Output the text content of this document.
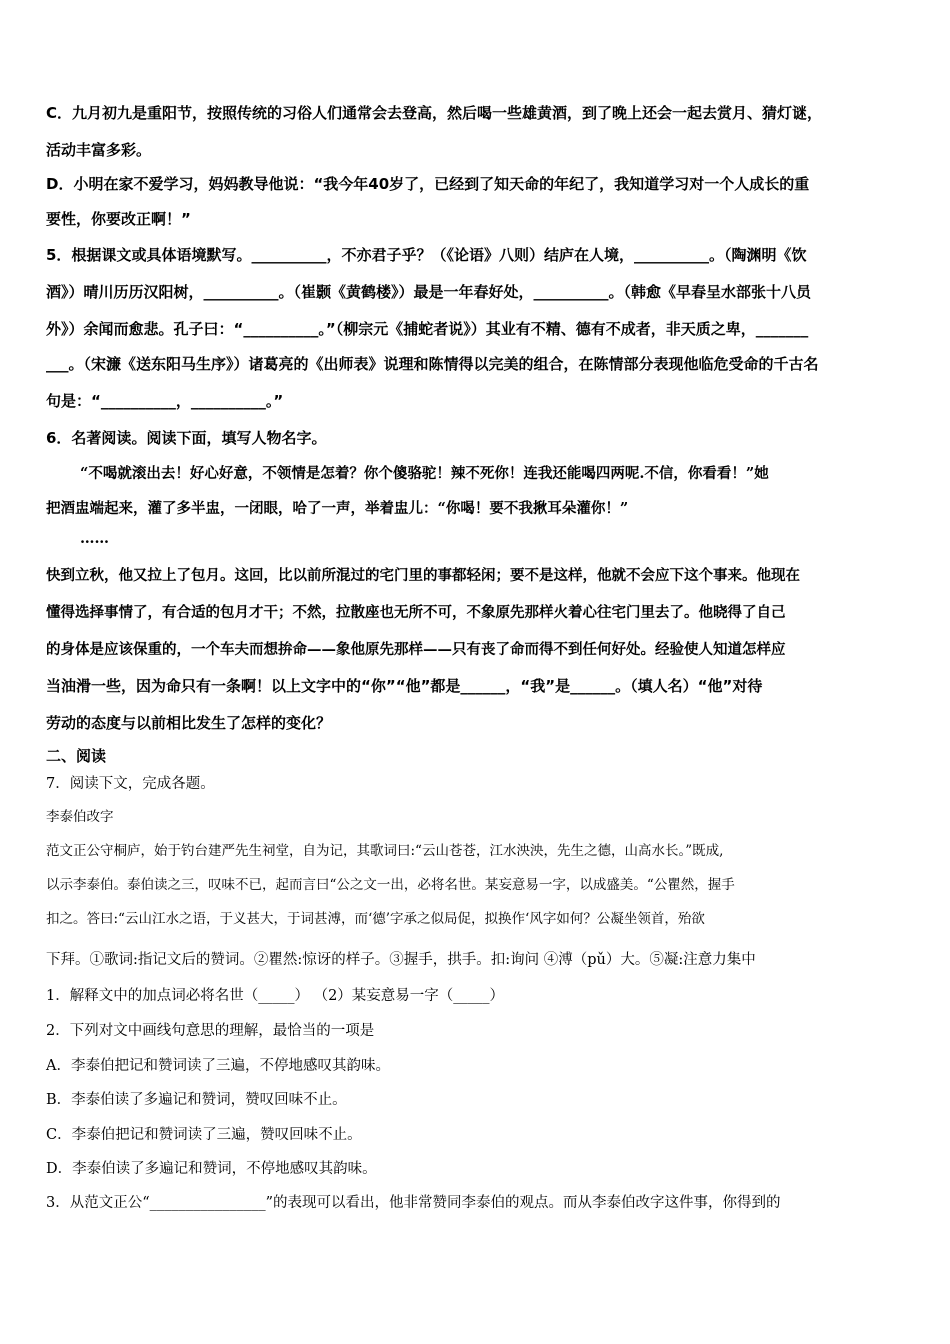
C．九月初九是重阳节，按照传统的习俗人们通常会去登高，然后喝一些雄黄酒，到了晚上还会一起去赏月、猜灯谜，
活动丰富多彩。
D．小明在家不爱学习，妈妈教导他说：“我今年40岁了，已经到了知天命的年纪了，我知道学习对一个人成长的重
要性，你要改正啊！”
5．根据课文或具体语境默写。__________，不亦君子乎？（《论语》八则）结庐在人境，__________。（陶渊明《饮
酒》）晴川历历汉阳树，__________。（崔颢《黄鹤楼》）最是一年春好处，__________。（韩愈《早春呈水部张十八员
外》）余闻而愈悲。孔子曰：“__________。”（柳宗元《捕蛇者说》）其业有不精、德有不成者，非天质之卑，_______
___。（宋濂《送东阳马生序》）诸葛亮的《出师表》说理和陈情得以完美的组合，在陈情部分表现他临危受命的千古名
句是：“__________，__________。”
6．名著阅读。阅读下面，填写人物名字。
“不喝就滚出去！好心好意，不领情是怎着？你个傻骆驼！辣不死你！连我还能喝四两呢.不信，你看看！”她
把酒盅端起来，灌了多半盅，一闭眼，哈了一声，举着盅儿：“你喝！要不我揪耳朵灌你！”
……
快到立秋，他又拉上了包月。这回，比以前所混过的宅门里的事都轻闲；要不是这样，他就不会应下这个事来。他现在
懂得选择事情了，有合适的包月才干；不然，拉散座也无所不可，不象原先那样火着心往宅门里去了。他晓得了自己
的身体是应该保重的，一个车夫而想拚命——象他原先那样——只有丧了命而得不到任何好处。经验使人知道怎样应
当油滑一些，因为命只有一条啊！以上文字中的“你”“他”都是______，“我”是______。（填人名）“他”对待
劳动的态度与以前相比发生了怎样的变化？
二、阅读
7．阅读下文，完成各题。
李泰伯改字
范文正公守桐庐，始于钓台建严先生祠堂，自为记，其歌词曰:“云山苍苍，江水泱泱，先生之德，山高水长。”既成,
以示李泰伯。泰伯读之三，叹味不已，起而言曰“公之文一出，必将名世。某妄意易一字，以成盛美。“公瞿然，握手
扣之。答曰:“云山江水之语，于义甚大，于词甚溥，而‘德’字承之似局促，拟换作‘风字如何？公凝坐领首，殆欲
下拜。①歌词:指记文后的赞词。②瞿然:惊讶的样子。③握手，拱手。扣:询问 ④溥（pǔ）大。⑤凝:注意力集中
1．解释文中的加点词必将名世（_____） （2）某妄意易一字（_____）
2．下列对文中画线句意思的理解，最恰当的一项是
A．李泰伯把记和赞词读了三遍，不停地感叹其韵味。
B．李泰伯读了多遍记和赞词，赞叹回味不止。
C．李泰伯把记和赞词读了三遍，赞叹回味不止。
D．李泰伯读了多遍记和赞词，不停地感叹其韵味。
3．从范文正公“________________”的表现可以看出，他非常赞同李泰伯的观点。而从李泰伯改字这件事，你得到的
